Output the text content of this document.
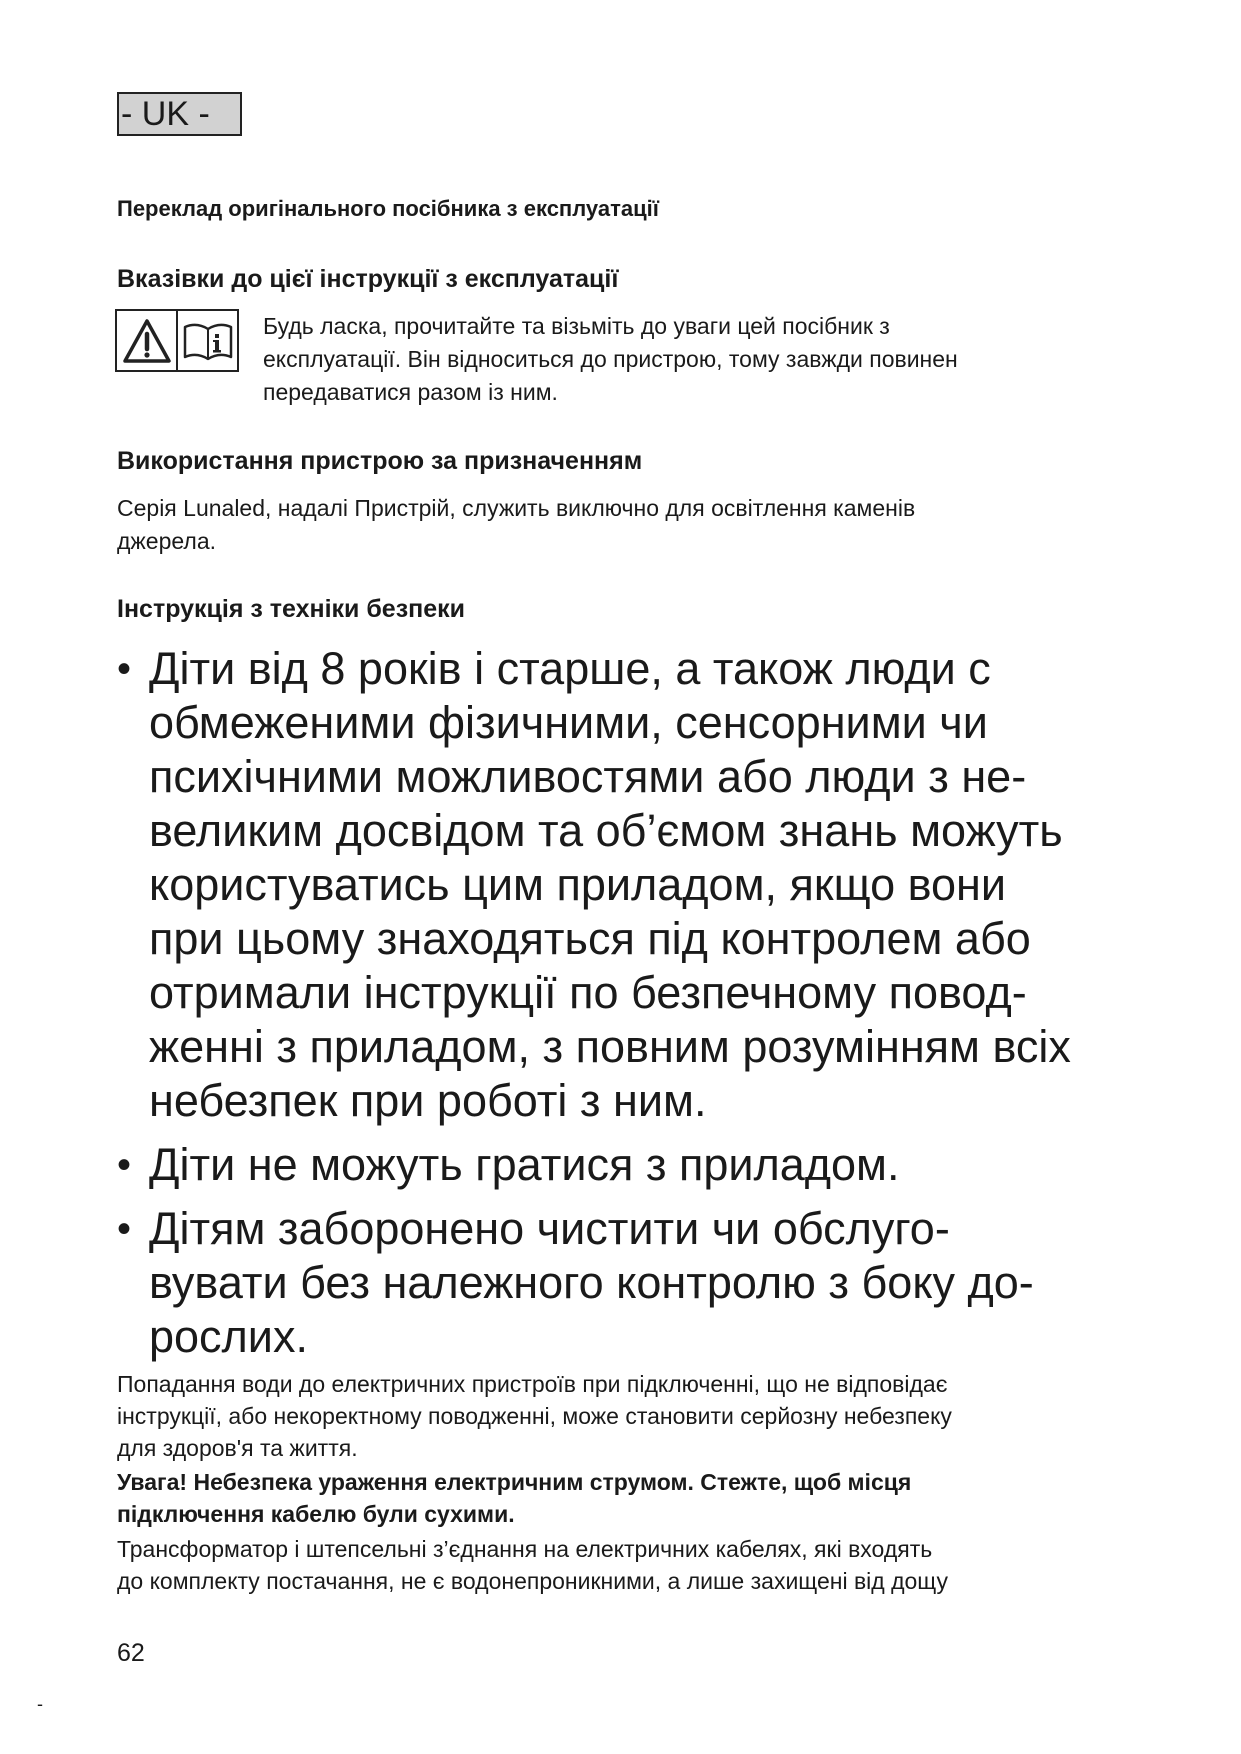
- UK -
Переклад оригінального посібника з експлуатації
Вказівки до цієї інструкції з експлуатації
Будь ласка, прочитайте та візьміть до уваги цей посібник з
експлуатації. Він відноситься до пристрою, тому завжди повинен
передаватися разом із ним.
Використання пристрою за призначенням
Серія Lunaled, надалі Пристрій, служить виключно для освітлення каменів
джерела.
Інструкція з техніки безпеки
• Діти від 8 років і старше, а також люди с
обмеженими фізичними, сенсорними чи
психічними можливостями або люди з не-
великим досвідом та об’ємом знань можуть
користуватись цим приладом, якщо вони
при цьому знаходяться під контролем або
отримали інструкції по безпечному повод-
женні з приладом, з повним розумінням всіх
небезпек при роботі з ним.
• Діти не можуть гратися з приладом.
• Дітям заборонено чистити чи обслуго-
вувати без належного контролю з боку до-
рослих.
Попадання води до електричних пристроїв при підключенні, що не відповідає
інструкції, або некоректному поводженні, може становити серйозну небезпеку
для здоров'я та життя.
Увага! Небезпека ураження електричним струмом. Стежте, щоб місця
підключення кабелю були сухими.
Трансформатор і штепсельні з’єднання на електричних кабелях, які входять
до комплекту постачання, не є водонепроникними, а лише захищені від дощу
62
-
